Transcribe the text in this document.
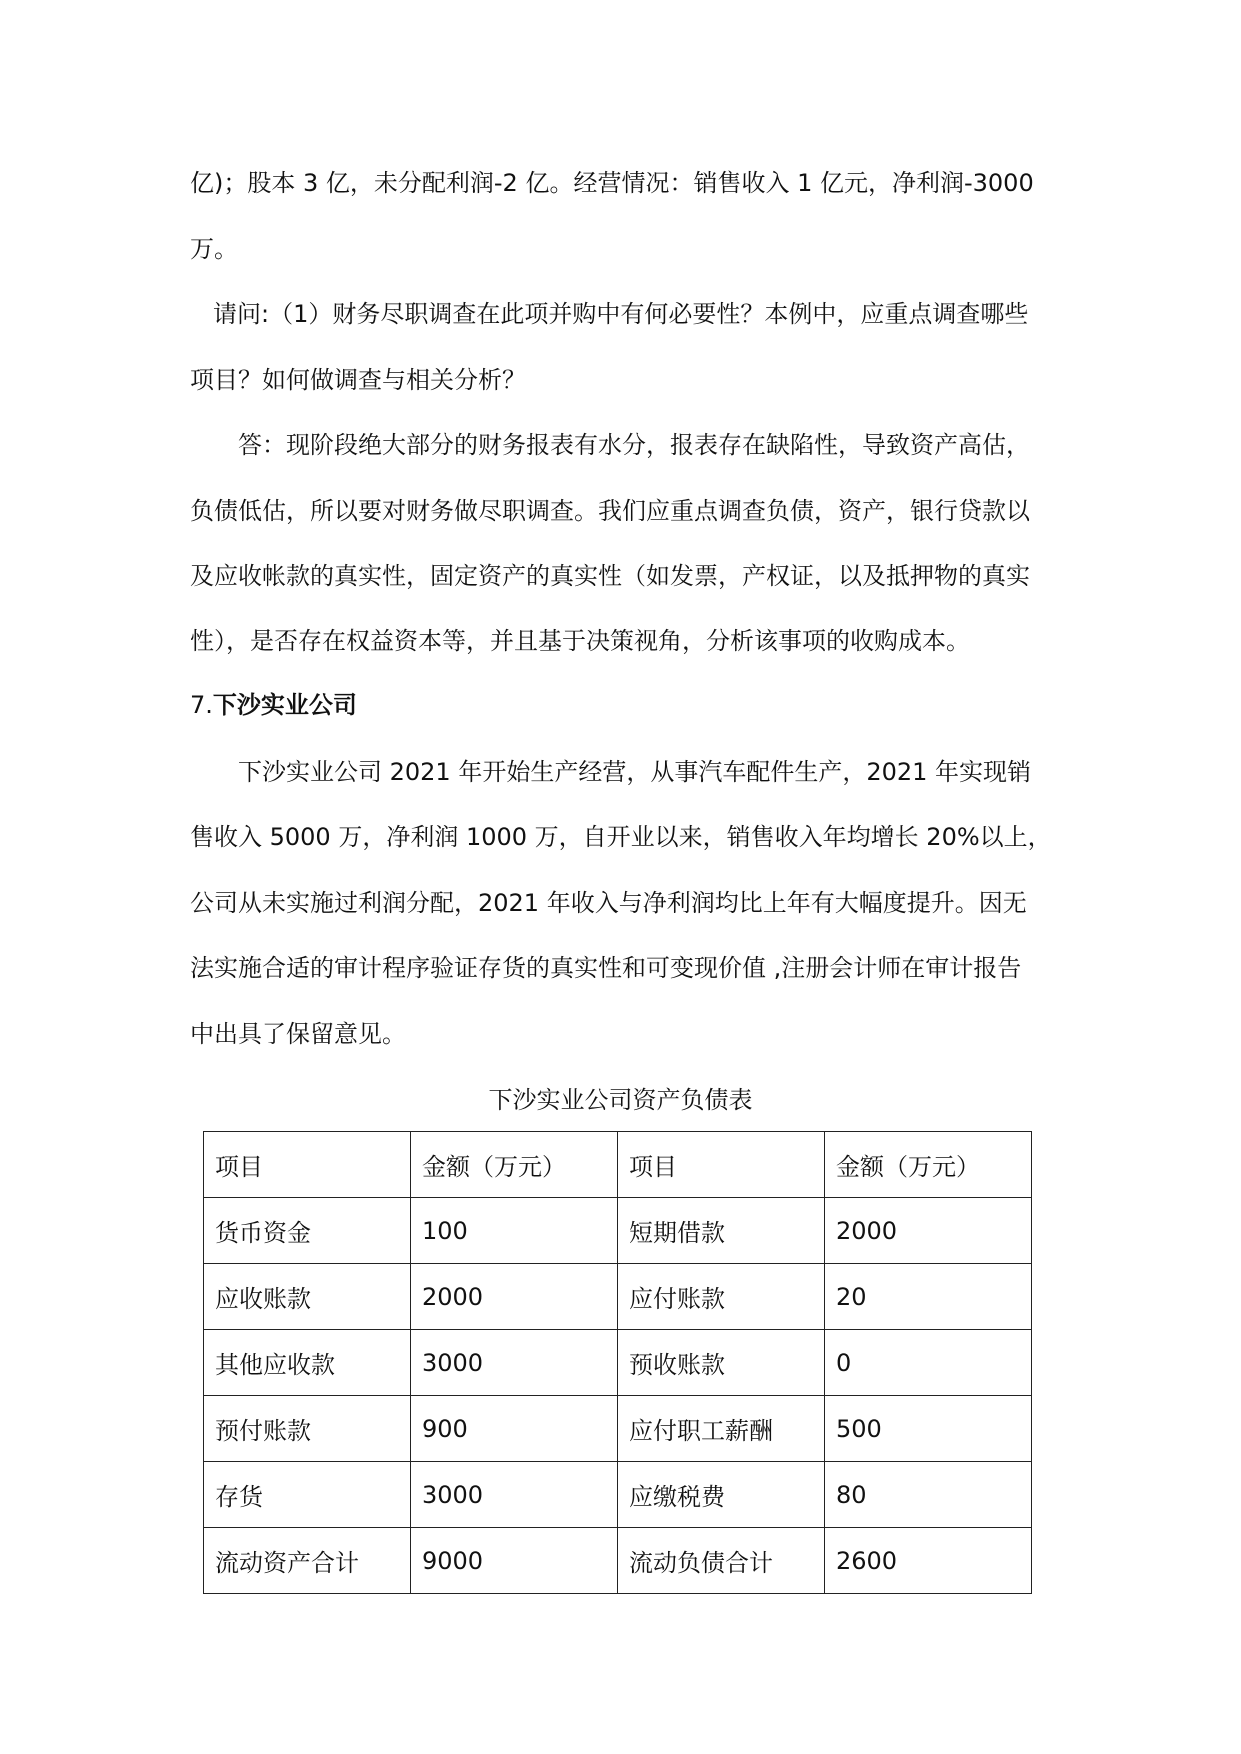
亿)；股本 3 亿，未分配利润-2 亿。经营情况：销售收入 1 亿元，净利润-3000

万。

请问:（1）财务尽职调查在此项并购中有何必要性？本例中，应重点调查哪些

项目？如何做调查与相关分析？

答：现阶段绝大部分的财务报表有水分，报表存在缺陷性，导致资产高估，

负债低估，所以要对财务做尽职调查。我们应重点调查负债，资产，银行贷款以

及应收帐款的真实性，固定资产的真实性（如发票，产权证，以及抵押物的真实

性），是否存在权益资本等，并且基于决策视角，分析该事项的收购成本。

7.下沙实业公司

下沙实业公司 2021 年开始生产经营，从事汽车配件生产，2021 年实现销

售收入 5000 万，净利润 1000 万，自开业以来，销售收入年均增长 20%以上，

公司从未实施过利润分配，2021 年收入与净利润均比上年有大幅度提升。因无

法实施合适的审计程序验证存货的真实性和可变现价值 ,注册会计师在审计报告

中出具了保留意见。

下沙实业公司资产负债表

项目	金额（万元）	项目	金额（万元）
货币资金	100	短期借款	2000
应收账款	2000	应付账款	20
其他应收款	3000	预收账款	0
预付账款	900	应付职工薪酬	500
存货	3000	应缴税费	80
流动资产合计	9000	流动负债合计	2600
